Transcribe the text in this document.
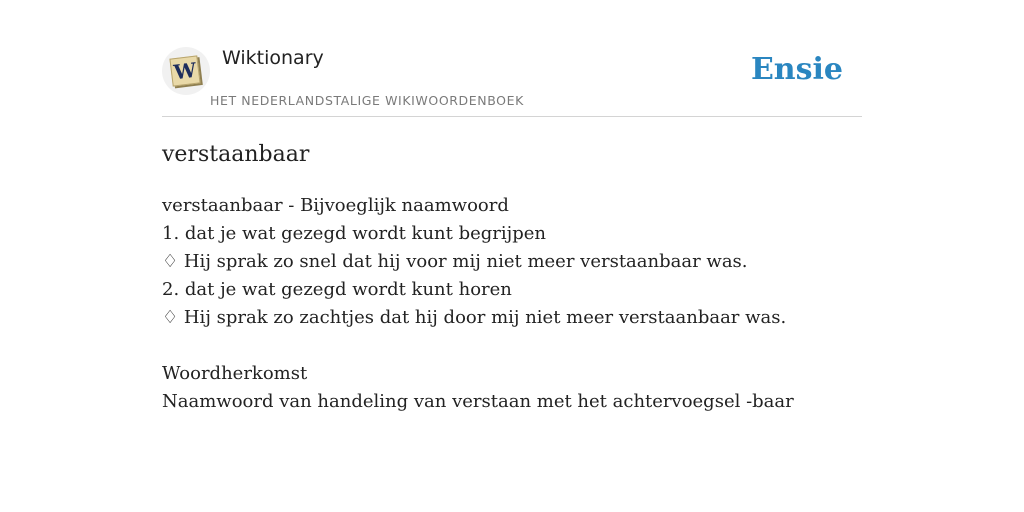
W Wiktionary
HET NEDERLANDSTALIGE WIKIWOORDENBOEK
Ensie
verstaanbaar
verstaanbaar - Bijvoeglijk naamwoord
1. dat je wat gezegd wordt kunt begrijpen
♢ Hij sprak zo snel dat hij voor mij niet meer verstaanbaar was.
2. dat je wat gezegd wordt kunt horen
♢ Hij sprak zo zachtjes dat hij door mij niet meer verstaanbaar was.
Woordherkomst
Naamwoord van handeling van verstaan met het achtervoegsel -baar
